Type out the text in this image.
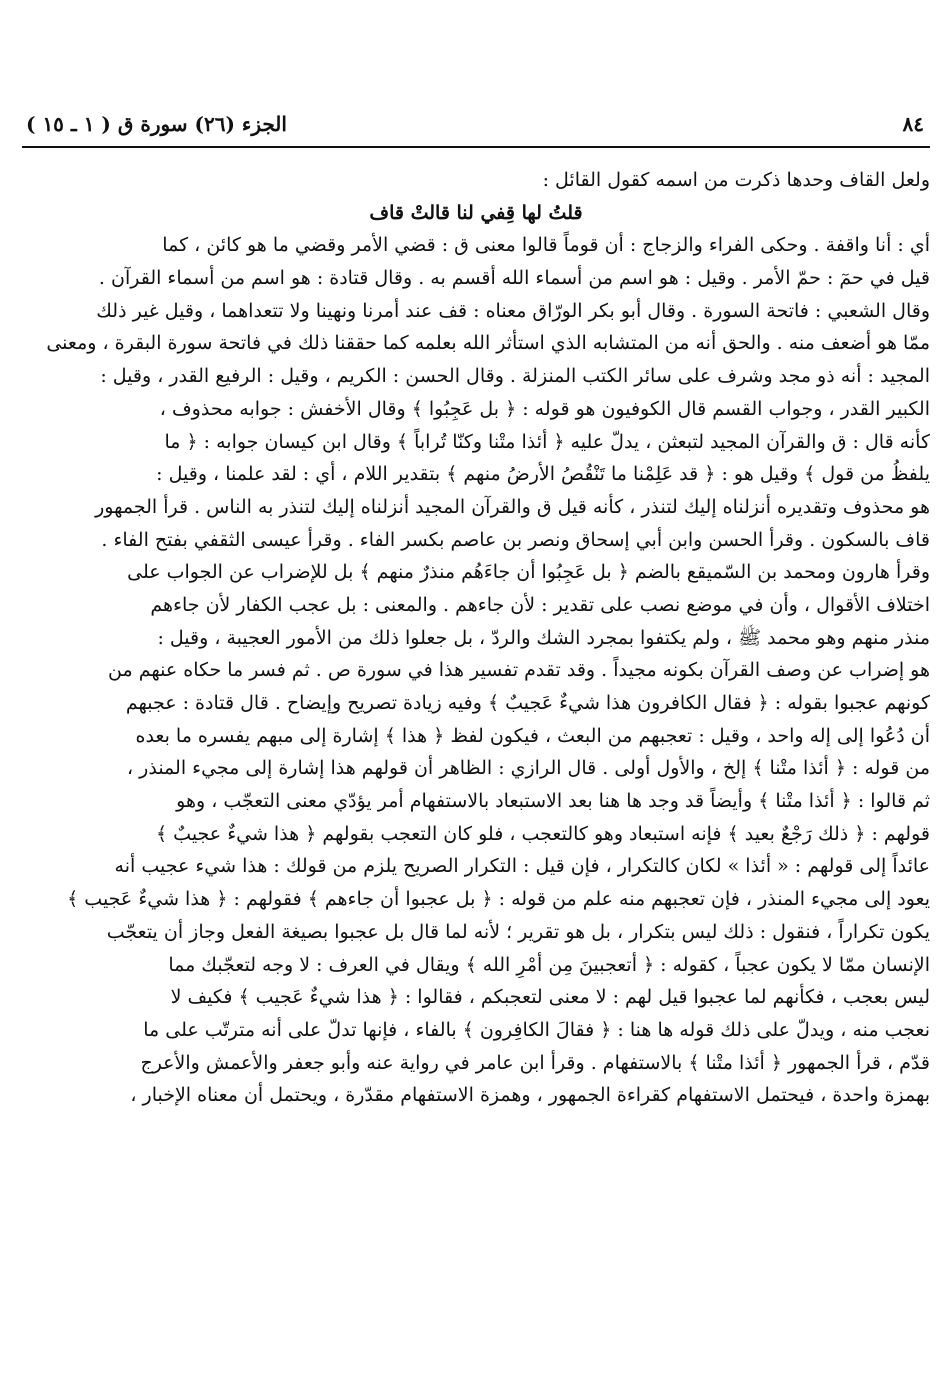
الجزء (٢٦) سورة ق ( ١ ـ ١٥ )	٨٤
ولعل القاف وحدها ذكرت من اسمه كقول القائل :
قلتُ لها قِفي لنا قالتْ قاف
أي : أنا واقفة . وحكى الفراء والزجاج : أن قوماً قالوا معنى ق : قضي الأمر وقضي ما هو كائن ، كما
قيل في حمٓ : حمّ الأمر . وقيل : هو اسم من أسماء الله أقسم به . وقال قتادة : هو اسم من أسماء القرآن .
وقال الشعبي : فاتحة السورة . وقال أبو بكر الورّاق معناه : قف عند أمرنا ونهينا ولا تتعداهما ، وقيل غير ذلك
ممّا هو أضعف منه . والحق أنه من المتشابه الذي استأثر الله بعلمه كما حققنا ذلك في فاتحة سورة البقرة ، ومعنى
المجيد : أنه ذو مجد وشرف على سائر الكتب المنزلة . وقال الحسن : الكريم ، وقيل : الرفيع القدر ، وقيل :
الكبير القدر ، وجواب القسم قال الكوفيون هو قوله : ﴿ بل عَجِبُوا ﴾ وقال الأخفش : جوابه محذوف ،
كأنه قال : ق والقرآن المجيد لتبعثن ، يدلّ عليه ﴿ أئذا متْنا وكنّا تُراباً ﴾ وقال ابن كيسان جوابه : ﴿ ما
يلفظُ من قول ﴾ وقيل هو : ﴿ قد عَلِمْنا ما تَنْقُصُ الأرضُ منهم ﴾ بتقدير اللام ، أي : لقد علمنا ، وقيل :
هو محذوف وتقديره أنزلناه إليك لتنذر ، كأنه قيل ق والقرآن المجيد أنزلناه إليك لتنذر به الناس . قرأ الجمهور
قاف بالسكون . وقرأ الحسن وابن أبي إسحاق ونصر بن عاصم بكسر الفاء . وقرأ عيسى الثقفي بفتح الفاء .
وقرأ هارون ومحمد بن السّميقع بالضم ﴿ بل عَجِبُوا أن جاءَهُم منذرٌ منهم ﴾ بل للإضراب عن الجواب على
اختلاف الأقوال ، وأن في موضع نصب على تقدير : لأن جاءهم . والمعنى : بل عجب الكفار لأن جاءهم
منذر منهم وهو محمد ﷺ ، ولم يكتفوا بمجرد الشك والردّ ، بل جعلوا ذلك من الأمور العجيبة ، وقيل :
هو إضراب عن وصف القرآن بكونه مجيداً . وقد تقدم تفسير هذا في سورة ص . ثم فسر ما حكاه عنهم من
كونهم عجبوا بقوله : ﴿ فقال الكافرون هذا شيءٌ عَجيبٌ ﴾ وفيه زيادة تصريح وإيضاح . قال قتادة : عجبهم
أن دُعُوا إلى إله واحد ، وقيل : تعجبهم من البعث ، فيكون لفظ ﴿ هذا ﴾ إشارة إلى مبهم يفسره ما بعده
من قوله : ﴿ أئذا متْنا ﴾ إلخ ، والأول أولى . قال الرازي : الظاهر أن قولهم هذا إشارة إلى مجيء المنذر ،
ثم قالوا : ﴿ أئذا متْنا ﴾ وأيضاً قد وجد ها هنا بعد الاستبعاد بالاستفهام أمر يؤدّي معنى التعجّب ، وهو
قولهم : ﴿ ذلك رَجْعٌ بعيد ﴾ فإنه استبعاد وهو كالتعجب ، فلو كان التعجب بقولهم ﴿ هذا شيءٌ عجيبٌ ﴾
عائداً إلى قولهم : « أئذا » لكان كالتكرار ، فإن قيل : التكرار الصريح يلزم من قولك : هذا شيء عجيب أنه
يعود إلى مجيء المنذر ، فإن تعجبهم منه علم من قوله : ﴿ بل عجبوا أن جاءهم ﴾ فقولهم : ﴿ هذا شيءٌ عَجيب ﴾
يكون تكراراً ، فنقول : ذلك ليس بتكرار ، بل هو تقرير ؛ لأنه لما قال بل عجبوا بصيغة الفعل وجاز أن يتعجّب
الإنسان ممّا لا يكون عجباً ، كقوله : ﴿ أتعجبينَ مِن أمْرِ الله ﴾ ويقال في العرف : لا وجه لتعجّبك مما
ليس بعجب ، فكأنهم لما عجبوا قيل لهم : لا معنى لتعجبكم ، فقالوا : ﴿ هذا شيءٌ عَجيب ﴾ فكيف لا
نعجب منه ، ويدلّ على ذلك قوله ها هنا : ﴿ فقالَ الكافِرون ﴾ بالفاء ، فإنها تدلّ على أنه مترتّب على ما
قدّم ، قرأ الجمهور ﴿ أئذا متْنا ﴾ بالاستفهام . وقرأ ابن عامر في رواية عنه وأبو جعفر والأعمش والأعرج
بهمزة واحدة ، فيحتمل الاستفهام كقراءة الجمهور ، وهمزة الاستفهام مقدّرة ، ويحتمل أن معناه الإخبار ،
